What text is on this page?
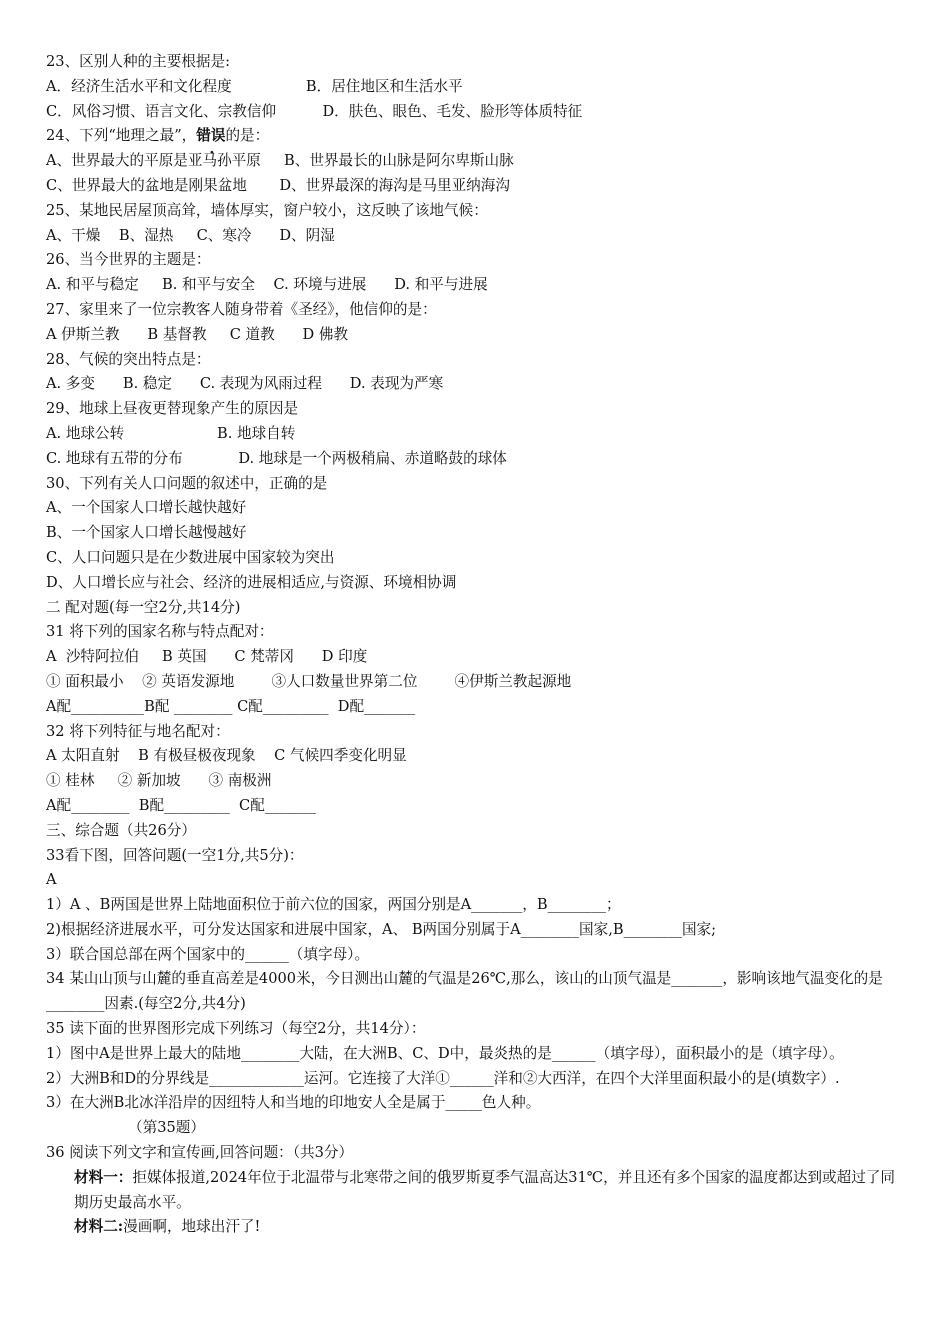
23、区别人种的主要根据是:
A．经济生活水平和文化程度                B．居住地区和生活水平
C．风俗习惯、语言文化、宗教信仰          D．肤色、眼色、毛发、脸形等体质特征
24、下列“地理之最”，错误的是：
A、世界最大的平原是亚马孙平原     B、世界最长的山脉是阿尔卑斯山脉
C、世界最大的盆地是刚果盆地       D、世界最深的海沟是马里亚纳海沟
25、某地民居屋顶高耸，墙体厚实，窗户较小，这反映了该地气候：
A、干燥    B、湿热     C、寒冷      D、阴湿
26、当今世界的主题是：
A. 和平与稳定     B. 和平与安全    C. 环境与进展      D. 和平与进展
27、家里来了一位宗教客人随身带着《圣经》，他信仰的是：
A 伊斯兰教      B 基督教     C 道教      D 佛教
28、气候的突出特点是：
A. 多变      B. 稳定      C. 表现为风雨过程      D. 表现为严寒
29、地球上昼夜更替现象产生的原因是
A. 地球公转                    B. 地球自转
C. 地球有五带的分布            D. 地球是一个两极稍扁、赤道略鼓的球体
30、下列有关人口问题的叙述中，正确的是
A、一个国家人口增长越快越好
B、一个国家人口增长越慢越好
C、人口问题只是在少数进展中国家较为突出
D、人口增长应与社会、经济的进展相适应,与资源、环境相协调
二 配对题(每一空2分,共14分)
31 将下列的国家名称与特点配对：
A  沙特阿拉伯     B 英国      C 梵蒂冈      D 印度
① 面积最小    ② 英语发源地        ③人口数量世界第二位        ④伊斯兰教起源地
A配__________B配 ________ C配_________  D配_______
32 将下列特征与地名配对：
A 太阳直射    B 有极昼极夜现象    C 气候四季变化明显
① 桂林     ② 新加坡      ③ 南极洲
A配________  B配_________  C配_______
三、综合题（共26分）
33看下图，回答问题(一空1分,共5分)：
A
1）A 、B两国是世界上陆地面积位于前六位的国家，两国分别是A_______，B________；
2)根据经济进展水平，可分发达国家和进展中国家，A、 B两国分别属于A________国家,B________国家;
3）联合国总部在两个国家中的______（填字母）。
34 某山山顶与山麓的垂直高差是4000米，今日测出山麓的气温是26℃,那么，该山的山顶气温是_______，影响该地气温变化的是________因素.(每空2分,共4分)
35 读下面的世界图形完成下列练习（每空2分，共14分）：
1）图中A是世界上最大的陆地________大陆，在大洲B、C、D中，最炎热的是______（填字母），面积最小的是（填字母）。
2）大洲B和D的分界线是_____________运河。它连接了大洋①______洋和②大西洋，在四个大洋里面积最小的是(填数字）.
3）在大洲B北冰洋沿岸的因纽特人和当地的印地安人全是属于_____色人种。
（第35题）
36 阅读下列文字和宣传画,回答问题：（共3分）
材料一：拒媒体报道,2024年位于北温带与北寒带之间的俄罗斯夏季气温高达31℃，并且还有多个国家的温度都达到或超过了同期历史最高水平。
材料二:漫画啊，地球出汗了!
